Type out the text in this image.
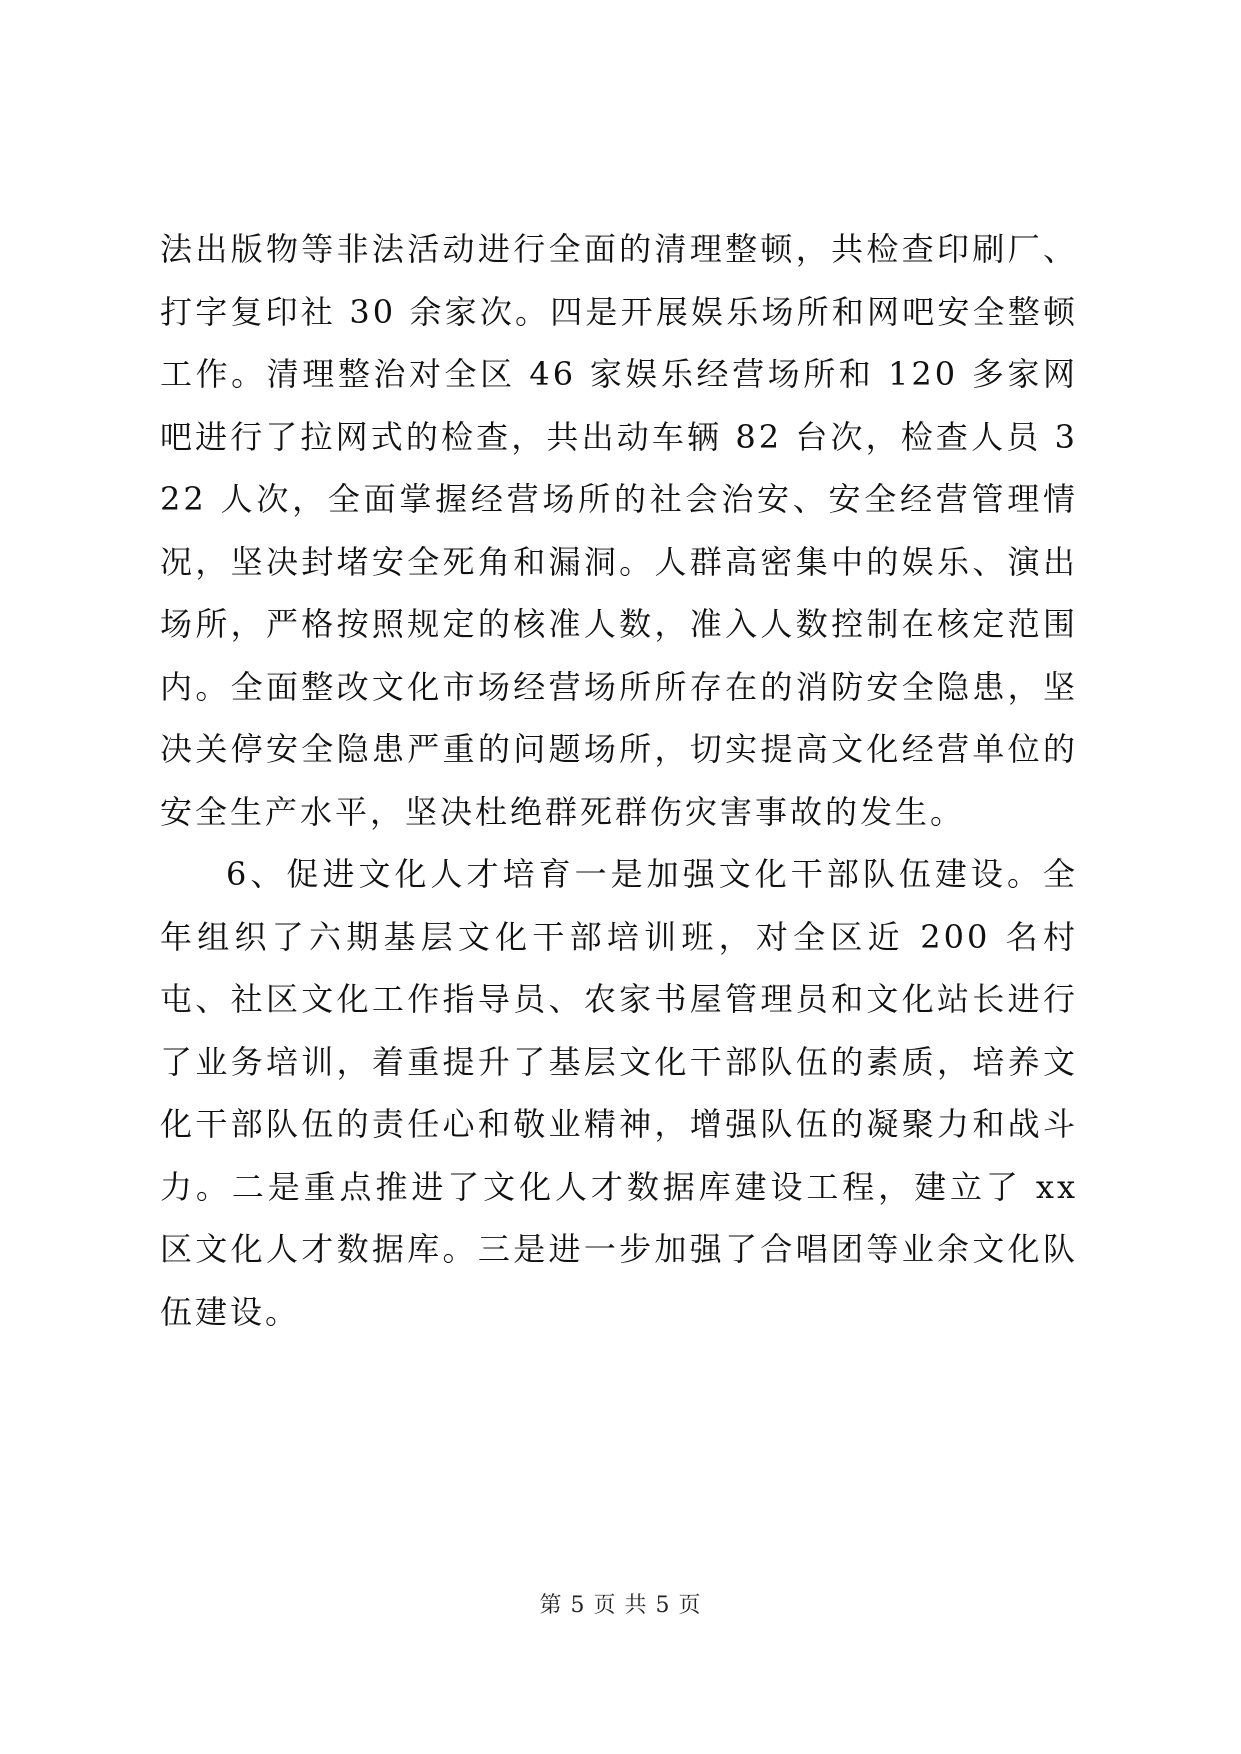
法出版物等非法活动进行全面的清理整顿，共检查印刷厂、打字复印社 30 余家次。四是开展娱乐场所和网吧安全整顿工作。清理整治对全区 46 家娱乐经营场所和 120 多家网吧进行了拉网式的检查，共出动车辆 82 台次，检查人员 322 人次，全面掌握经营场所的社会治安、安全经营管理情况，坚决封堵安全死角和漏洞。人群高密集中的娱乐、演出场所，严格按照规定的核准人数，准入人数控制在核定范围内。全面整改文化市场经营场所所存在的消防安全隐患，坚决关停安全隐患严重的问题场所，切实提高文化经营单位的安全生产水平，坚决杜绝群死群伤灾害事故的发生。

6、促进文化人才培育一是加强文化干部队伍建设。全年组织了六期基层文化干部培训班，对全区近 200 名村屯、社区文化工作指导员、农家书屋管理员和文化站长进行了业务培训，着重提升了基层文化干部队伍的素质，培养文化干部队伍的责任心和敬业精神，增强队伍的凝聚力和战斗力。二是重点推进了文化人才数据库建设工程，建立了 xx 区文化人才数据库。三是进一步加强了合唱团等业余文化队伍建设。

第 5 页 共 5 页
